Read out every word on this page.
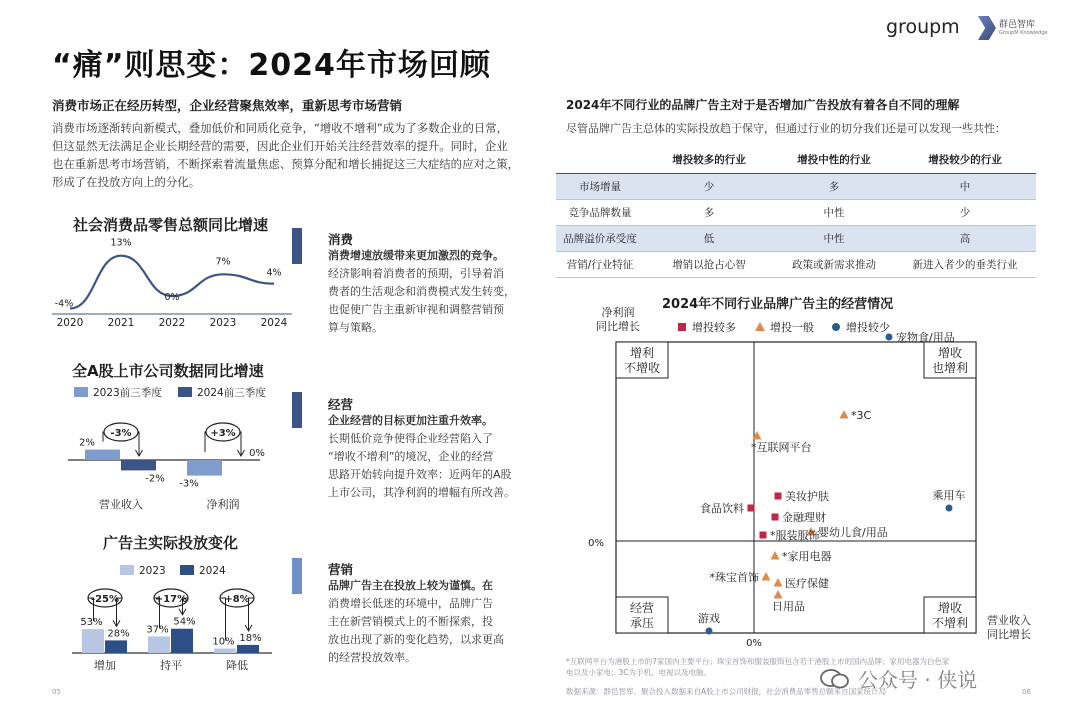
“痛”则思变：2024年市场回顾
groupm	群邑智库
GroupM Knowledge
消费市场正在经历转型，企业经营聚焦效率，重新思考市场营销
消费市场逐渐转向新模式，叠加低价和同质化竞争，“增收不增利”成为了多数企业的日常，
但这显然无法满足企业长期经营的需要，因此企业们开始关注经营效率的提升。同时，企业
也在重新思考市场营销，不断探索着流量焦虑、预算分配和增长捕捉这三大症结的应对之策，
形成了在投放方向上的分化。
社会消费品零售总额同比增速
2020 2021 2022 2023 2024
-4%
13%
0%
7%
4%
全A股上市公司数据同比增速
2023前三季度	2024前三季度
2%
-2%
营业收入
-3%
-3%
0%
净利润
+3%
广告主实际投放变化
2023	2024
53%
28%
增加
-25%
37%
54%
持平
+17%
10% 18%
降低
+8%
消费
消费增速放缓带来更加激烈的竞争。
经济影响着消费者的预期，引导着消
费者的生活观念和消费模式发生转变，
也促使广告主重新审视和调整营销预
算与策略。
经营
企业经营的目标更加注重升效率。
长期低价竞争使得企业经营陷入了
“增收不增利”的境况，企业的经营
思路开始转向提升效率：近两年的A股
上市公司，其净利润的增幅有所改善。
营销
品牌广告主在投放上较为谨慎。在
消费增长低迷的环境中，品牌广告
主在新营销模式上的不断探索，投
放也出现了新的变化趋势，以求更高
的经营投放效率。
2024年不同行业的品牌广告主对于是否增加广告投放有着各自不同的理解
尽管品牌广告主总体的实际投放趋于保守，但通过行业的切分我们还是可以发现一些共性：
	增投较多的行业	增投中性的行业	增投较少的行业
市场增量	少	多	中
竞争品牌数量	多	中性	少
品牌溢价承受度	低	中性	高
营销/行业特征	增销以抢占心智	政策或新需求推动	新进入者少的垂类行业
2024年不同行业品牌广告主的经营情况
净利润
同比增长
营业收入
同比增长
增投较多	增投一般	增投较少
0%
0%
增利
不增收
增收
也增利
经营
承压
增收
不增利
宠物食/用品
*3C
*互联网平台
美妆护肤
金融理财
食品饮料
乘用车
婴幼儿食/用品
*服装服饰
*家用电器
*珠宝首饰 医疗保健
日用品
游戏
*互联网平台为港股上市的7家国内主要平台；珠宝首饰和服装服饰包含若干港股上市的国内品牌；家用电器为白色家
电以及小家电；3C为手机、电视以及电脑。
数据来源：群邑智库、聚合投入数据来自A股上市公司财报，社会消费品零售总额来自国家统计局
05	06
公众号 · 侠说
